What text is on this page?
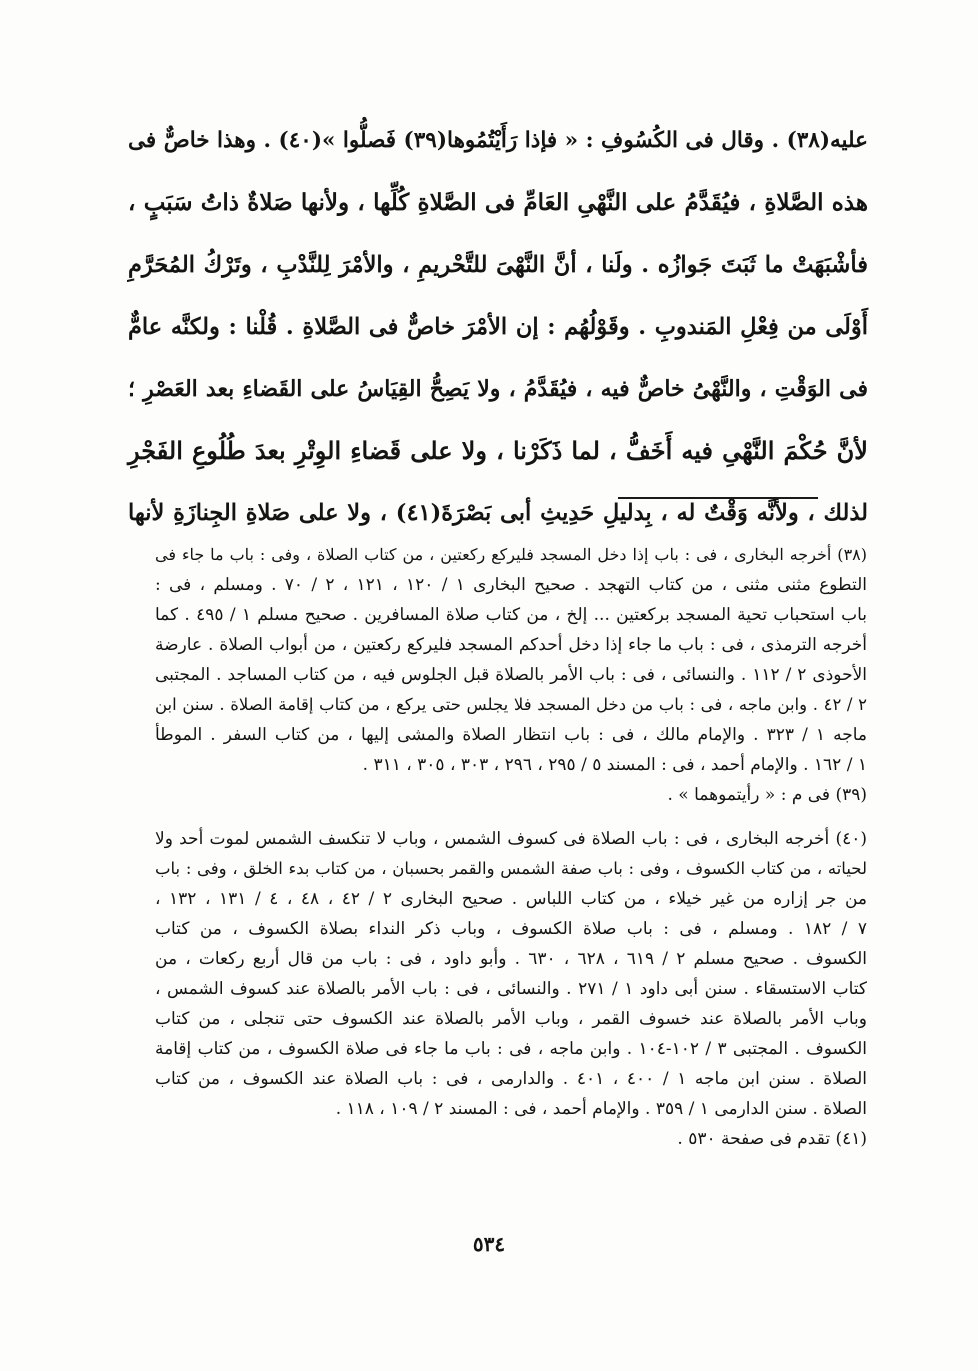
عليه(٣٨) . وقال فى الكُسُوفِ : « فإذا رَأَيْتُمُوها(٣٩) فَصلُّوا »(٤٠) . وهذا خاصٌّ فى
هذه الصَّلاةِ ، فيُقَدَّمُ على النَّهْىِ العَامِّ فى الصَّلاةِ كُلِّها ، ولأنها صَلاةٌ ذاتُ سَبَبٍ ،
فأشْبَهَتْ ما ثَبَتَ جَوازُه . ولَنا ، أنَّ النَّهْىَ للتَّحْريمِ ، والأمْرَ لِلنَّدْبِ ، وتَرْكُ المُحَرَّمِ
أَوْلَى من فِعْلِ المَندوبِ . وقَوْلُهُم : إن الأمْرَ خاصٌّ فى الصَّلاةِ . قُلْنا : ولكنَّه عامٌّ
فى الوَقْتِ ، والنَّهْىُ خاصٌّ فيه ، فيُقَدَّمُ ، ولا يَصِحُّ القِيَاسُ على القَضاءِ بعد العَصْرِ ؛
لأنَّ حُكْمَ النَّهْىِ فيه أَخَفُّ ، لما ذَكَرْنا ، ولا على قَضاءِ الوِتْرِ بعدَ طُلُوعِ الفَجْرِ
لذلك ، ولأنَّه وَقْتٌ له ، بِدليلِ حَدِيثِ أبى بَصْرَةَ(٤١) ، ولا على صَلاةِ الجِنازَةِ لأنها
(٣٨) أخرجه البخارى ، فى : باب إذا دخل المسجد فليركع ركعتين ، من كتاب الصلاة ، وفى : باب ما جاء فى
التطوع مثنى مثنى ، من كتاب التهجد . صحيح البخارى ١ / ١٢٠ ، ١٢١ ، ٢ / ٧٠ . ومسلم ، فى :
باب استحباب تحية المسجد بركعتين ... إلخ ، من كتاب صلاة المسافرين . صحيح مسلم ١ / ٤٩٥ . كما
أخرجه الترمذى ، فى : باب ما جاء إذا دخل أحدكم المسجد فليركع ركعتين ، من أبواب الصلاة . عارضة
الأحوذى ٢ / ١١٢ . والنسائى ، فى : باب الأمر بالصلاة قبل الجلوس فيه ، من كتاب المساجد . المجتبى
٢ / ٤٢ . وابن ماجه ، فى : باب من دخل المسجد فلا يجلس حتى يركع ، من كتاب إقامة الصلاة . سنن ابن
ماجه ١ / ٣٢٣ . والإمام مالك ، فى : باب انتظار الصلاة والمشى إليها ، من كتاب السفر . الموطأ
١ / ١٦٢ . والإمام أحمد ، فى : المسند ٥ / ٢٩٥ ، ٢٩٦ ، ٣٠٣ ، ٣٠٥ ، ٣١١ .
(٣٩) فى م : « رأيتموهما » .
(٤٠) أخرجه البخارى ، فى : باب الصلاة فى كسوف الشمس ، وباب لا تنكسف الشمس لموت أحد ولا
لحياته ، من كتاب الكسوف ، وفى : باب صفة الشمس والقمر بحسبان ، من كتاب بدء الخلق ، وفى : باب
من جر إزاره من غير خيلاء ، من كتاب اللباس . صحيح البخارى ٢ / ٤٢ ، ٤٨ ، ٤ / ١٣١ ، ١٣٢ ،
٧ / ١٨٢ . ومسلم ، فى : باب صلاة الكسوف ، وباب ذكر النداء بصلاة الكسوف ، من كتاب
الكسوف . صحيح مسلم ٢ / ٦١٩ ، ٦٢٨ ، ٦٣٠ . وأبو داود ، فى : باب من قال أربع ركعات ، من
كتاب الاستسقاء . سنن أبى داود ١ / ٢٧١ . والنسائى ، فى : باب الأمر بالصلاة عند كسوف الشمس ،
وباب الأمر بالصلاة عند خسوف القمر ، وباب الأمر بالصلاة عند الكسوف حتى تنجلى ، من كتاب
الكسوف . المجتبى ٣ / ١٠٢-١٠٤ . وابن ماجه ، فى : باب ما جاء فى صلاة الكسوف ، من كتاب إقامة
الصلاة . سنن ابن ماجه ١ / ٤٠٠ ، ٤٠١ . والدارمى ، فى : باب الصلاة عند الكسوف ، من كتاب
الصلاة . سنن الدارمى ١ / ٣٥٩ . والإمام أحمد ، فى : المسند ٢ / ١٠٩ ، ١١٨ .
(٤١) تقدم فى صفحة ٥٣٠ .
٥٣٤
